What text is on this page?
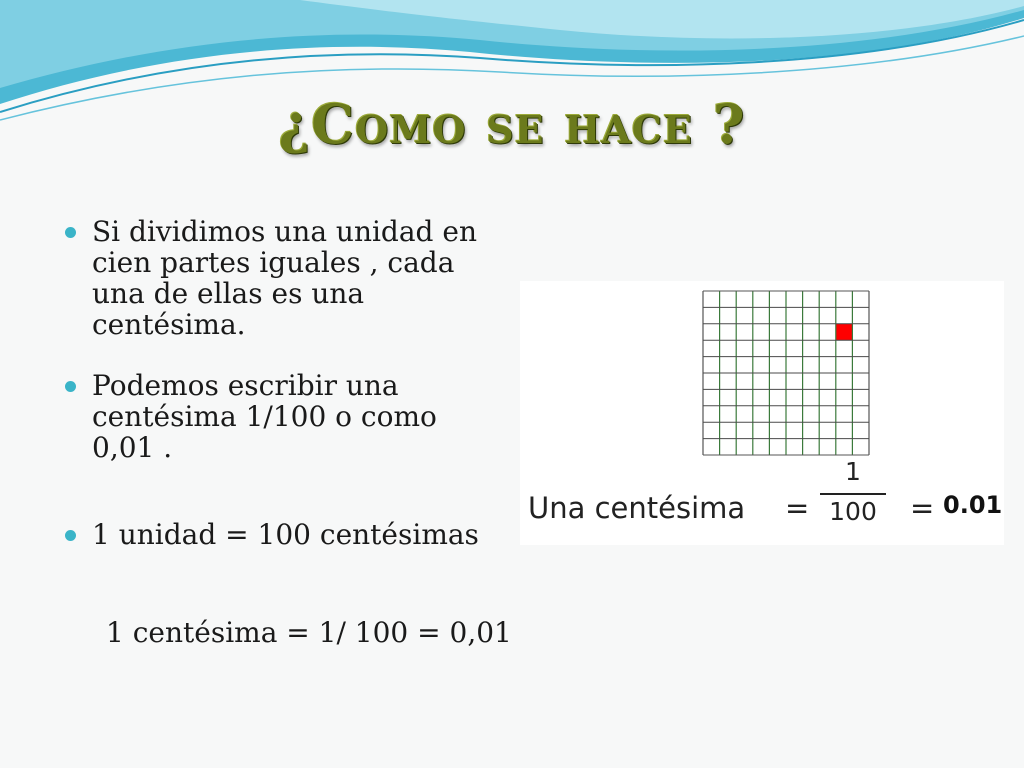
¿Como se hace ?

Si dividimos una unidad en cien partes iguales , cada una de ellas es una centésima.

Podemos escribir una centésima 1/100 o como 0,01 .

1 unidad = 100 centésimas

1 centésima = 1/ 100 = 0,01

Una centésima =
1
100	= 0.01
